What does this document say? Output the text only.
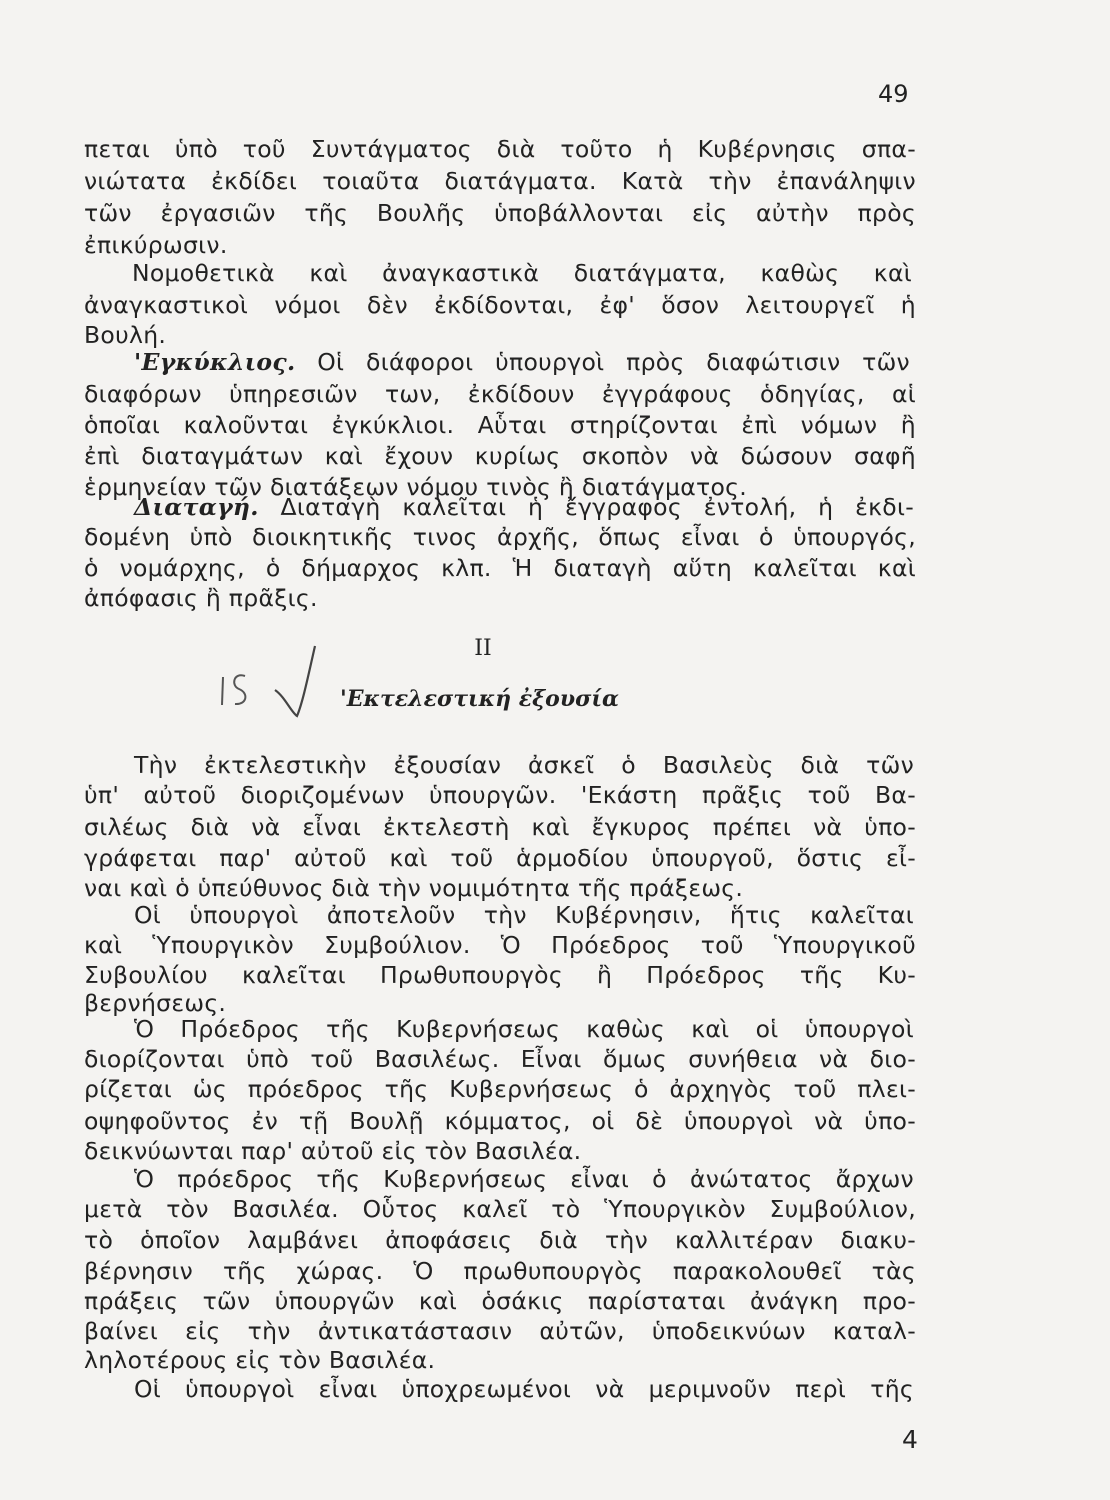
49

πεται ὑπὸ τοῦ Συντάγματος διὰ τοῦτο ἡ Κυβέρνησις σπα-

νιώτατα ἐκδίδει τοιαῦτα διατάγματα. Κατὰ τὴν ἐπανάληψιν

τῶν ἐργασιῶν τῆς Βουλῆς ὑποβάλλονται εἰς αὐτὴν πρὸς

ἐπικύρωσιν.

Νομοθετικὰ καὶ ἀναγκαστικὰ διατάγματα, καθὼς καὶ

ἀναγκαστικοὶ νόμοι δὲν ἐκδίδονται, ἐφ' ὅσον λειτουργεῖ ἡ

Βουλή.

'Εγκύκλιος. Οἱ διάφοροι ὑπουργοὶ πρὸς διαφώτισιν τῶν

διαφόρων ὑπηρεσιῶν των, ἐκδίδουν ἐγγράφους ὁδηγίας, αἱ

ὁποῖαι καλοῦνται ἐγκύκλιοι. Αὗται στηρίζονται ἐπὶ νόμων ἢ

ἐπὶ διαταγμάτων καὶ ἔχουν κυρίως σκοπὸν νὰ δώσουν σαφῆ

ἑρμηνείαν τῶν διατάξεων νόμου τινὸς ἢ διατάγματος.

Διαταγή. Διαταγὴ καλεῖται ἡ ἔγγραφος ἐντολή, ἡ ἐκδι-

δομένη ὑπὸ διοικητικῆς τινος ἀρχῆς, ὅπως εἶναι ὁ ὑπουργός,

ὁ νομάρχης, ὁ δήμαρχος κλπ. Ἡ διαταγὴ αὕτη καλεῖται καὶ

ἀπόφασις ἢ πρᾶξις.

II
'Εκτελεστική ἐξουσία

Τὴν ἐκτελεστικὴν ἐξουσίαν ἀσκεῖ ὁ Βασιλεὺς διὰ τῶν

ὑπ' αὐτοῦ διοριζομένων ὑπουργῶν. 'Εκάστη πρᾶξις τοῦ Βα-

σιλέως διὰ νὰ εἶναι ἐκτελεστὴ καὶ ἔγκυρος πρέπει νὰ ὑπο-

γράφεται παρ' αὐτοῦ καὶ τοῦ ἁρμοδίου ὑπουργοῦ, ὅστις εἶ-

ναι καὶ ὁ ὑπεύθυνος διὰ τὴν νομιμότητα τῆς πράξεως.

Οἱ ὑπουργοὶ ἀποτελοῦν τὴν Κυβέρνησιν, ἥτις καλεῖται

καὶ Ὑπουργικὸν Συμβούλιον. Ὁ Πρόεδρος τοῦ Ὑπουργικοῦ

Συβουλίου καλεῖται Πρωθυπουργὸς ἢ Πρόεδρος τῆς Κυ-

βερνήσεως.

Ὁ Πρόεδρος τῆς Κυβερνήσεως καθὼς καὶ οἱ ὑπουργοὶ

διορίζονται ὑπὸ τοῦ Βασιλέως. Εἶναι ὅμως συνήθεια νὰ διο-

ρίζεται ὡς πρόεδρος τῆς Κυβερνήσεως ὁ ἀρχηγὸς τοῦ πλει-

οψηφοῦντος ἐν τῇ Βουλῇ κόμματος, οἱ δὲ ὑπουργοὶ νὰ ὑπο-

δεικνύωνται παρ' αὐτοῦ εἰς τὸν Βασιλέα.

Ὁ πρόεδρος τῆς Κυβερνήσεως εἶναι ὁ ἀνώτατος ἄρχων

μετὰ τὸν Βασιλέα. Οὗτος καλεῖ τὸ Ὑπουργικὸν Συμβούλιον,

τὸ ὁποῖον λαμβάνει ἀποφάσεις διὰ τὴν καλλιτέραν διακυ-

βέρνησιν τῆς χώρας. Ὁ πρωθυπουργὸς παρακολουθεῖ τὰς

πράξεις τῶν ὑπουργῶν καὶ ὁσάκις παρίσταται ἀνάγκη προ-

βαίνει εἰς τὴν ἀντικατάστασιν αὐτῶν, ὑποδεικνύων καταλ-

ληλοτέρους εἰς τὸν Βασιλέα.

Οἱ ὑπουργοὶ εἶναι ὑποχρεωμένοι νὰ μεριμνοῦν περὶ τῆς

4
